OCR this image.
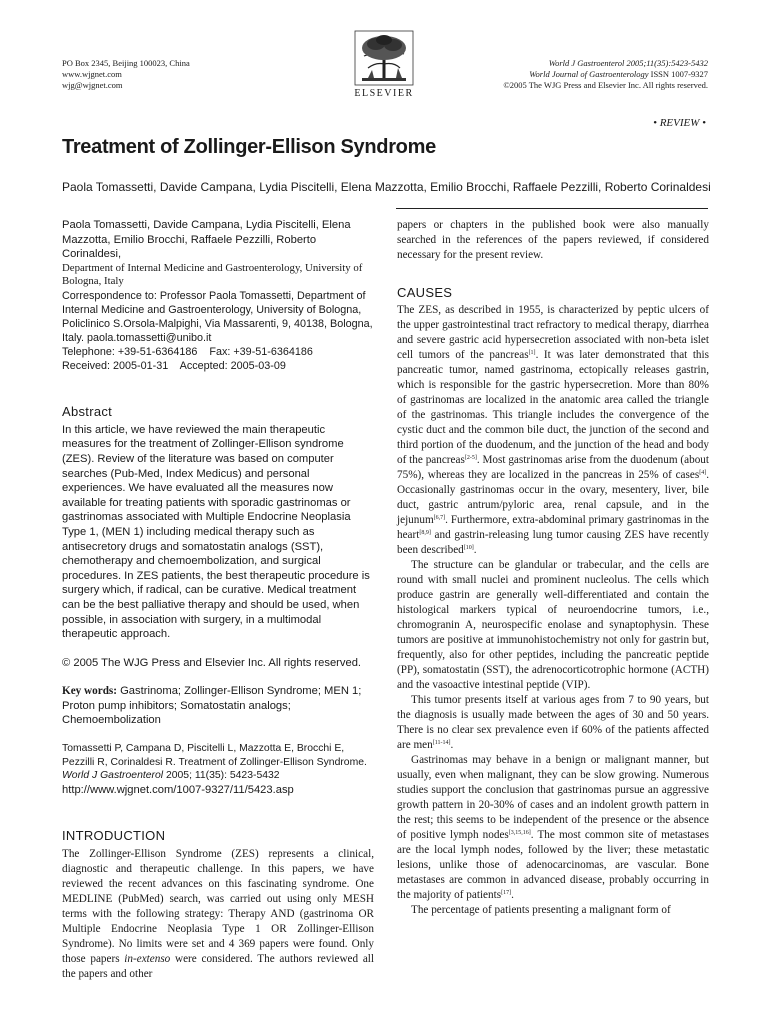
PO Box 2345, Beijing 100023, China
www.wjgnet.com
wjg@wjgnet.com
ELSEVIER
World J Gastroenterol 2005;11(35):5423-5432
World Journal of Gastroenterology ISSN 1007-9327
©2005 The WJG Press and Elsevier Inc. All rights reserved.
• REVIEW •
Treatment of Zollinger-Ellison Syndrome
Paola Tomassetti, Davide Campana, Lydia Piscitelli, Elena Mazzotta, Emilio Brocchi, Raffaele Pezzilli, Roberto Corinaldesi
Paola Tomassetti, Davide Campana, Lydia Piscitelli, Elena Mazzotta, Emilio Brocchi, Raffaele Pezzilli, Roberto Corinaldesi,
Department of Internal Medicine and Gastroenterology, University of Bologna, Italy
Correspondence to: Professor Paola Tomassetti, Department of Internal Medicine and Gastroenterology, University of Bologna, Policlinico S.Orsola-Malpighi, Via Massarenti, 9, 40138, Bologna, Italy. paola.tomassetti@unibo.it
Telephone: +39-51-6364186    Fax: +39-51-6364186
Received: 2005-01-31    Accepted: 2005-03-09
Abstract

In this article, we have reviewed the main therapeutic measures for the treatment of Zollinger-Ellison syndrome (ZES). Review of the literature was based on computer searches (Pub-Med, Index Medicus) and personal experiences. We have evaluated all the measures now available for treating patients with sporadic gastrinomas or gastrinomas associated with Multiple Endocrine Neoplasia Type 1, (MEN 1) including medical therapy such as antisecretory drugs and somatostatin analogs (SST), chemotherapy and chemoembolization, and surgical procedures. In ZES patients, the best therapeutic procedure is surgery which, if radical, can be curative. Medical treatment can be the best palliative therapy and should be used, when possible, in association with surgery, in a multimodal therapeutic approach.

© 2005 The WJG Press and Elsevier Inc. All rights reserved.

Key words: Gastrinoma; Zollinger-Ellison Syndrome; MEN 1; Proton pump inhibitors; Somatostatin analogs; Chemoembolization

Tomassetti P, Campana D, Piscitelli L, Mazzotta E, Brocchi E, Pezzilli R, Corinaldesi R. Treatment of Zollinger-Ellison Syndrome. World J Gastroenterol 2005; 11(35): 5423-5432
http://www.wjgnet.com/1007-9327/11/5423.asp
INTRODUCTION

The Zollinger-Ellison Syndrome (ZES) represents a clinical, diagnostic and therapeutic challenge. In this papers, we have reviewed the recent advances on this fascinating syndrome. One MEDLINE (PubMed) search, was carried out using only MESH terms with the following strategy: Therapy AND (gastrinoma OR Multiple Endocrine Neoplasia Type 1 OR Zollinger-Ellison Syndrome). No limits were set and 4 369 papers were found. Only those papers in-extenso were considered. The authors reviewed all the papers and other

papers or chapters in the published book were also manually searched in the references of the papers reviewed, if considered necessary for the present review.

CAUSES

The ZES, as described in 1955, is characterized by peptic ulcers of the upper gastrointestinal tract refractory to medical therapy, diarrhea and severe gastric acid hypersecretion associated with non-beta islet cell tumors of the pancreas[1]. It was later demonstrated that this pancreatic tumor, named gastrinoma, ectopically releases gastrin, which is responsible for the gastric hypersecretion. More than 80% of gastrinomas are localized in the anatomic area called the triangle of the gastrinomas. This triangle includes the convergence of the cystic duct and the common bile duct, the junction of the second and third portion of the duodenum, and the junction of the head and body of the pancreas[2-5]. Most gastrinomas arise from the duodenum (about 75%), whereas they are localized in the pancreas in 25% of cases[4]. Occasionally gastrinomas occur in the ovary, mesentery, liver, bile duct, gastric antrum/pyloric area, renal capsule, and in the jejunum[6,7]. Furthermore, extra-abdominal primary gastrinomas in the heart[8,9] and gastrin-releasing lung tumor causing ZES have recently been described[10].

The structure can be glandular or trabecular, and the cells are round with small nuclei and prominent nucleolus. The cells which produce gastrin are generally well-differentiated and contain the histological markers typical of neuroendocrine tumors, i.e., chromogranin A, neurospecific enolase and synaptophysin. These tumors are positive at immunohistochemistry not only for gastrin but, frequently, also for other peptides, including the pancreatic peptide (PP), somatostatin (SST), the adrenocorticotrophic hormone (ACTH) and the vasoactive intestinal peptide (VIP).

This tumor presents itself at various ages from 7 to 90 years, but the diagnosis is usually made between the ages of 30 and 50 years. There is no clear sex prevalence even if 60% of the patients affected are men[11-14].

Gastrinomas may behave in a benign or malignant manner, but usually, even when malignant, they can be slow growing. Numerous studies support the conclusion that gastrinomas pursue an aggressive growth pattern in 20-30% of cases and an indolent growth pattern in the rest; this seems to be independent of the presence or the absence of positive lymph nodes[3,15,16]. The most common site of metastases are the local lymph nodes, followed by the liver; these metastatic lesions, unlike those of adenocarcinomas, are vascular. Bone metastases are common in advanced disease, probably occurring in the majority of patients[17].

The percentage of patients presenting a malignant form of
